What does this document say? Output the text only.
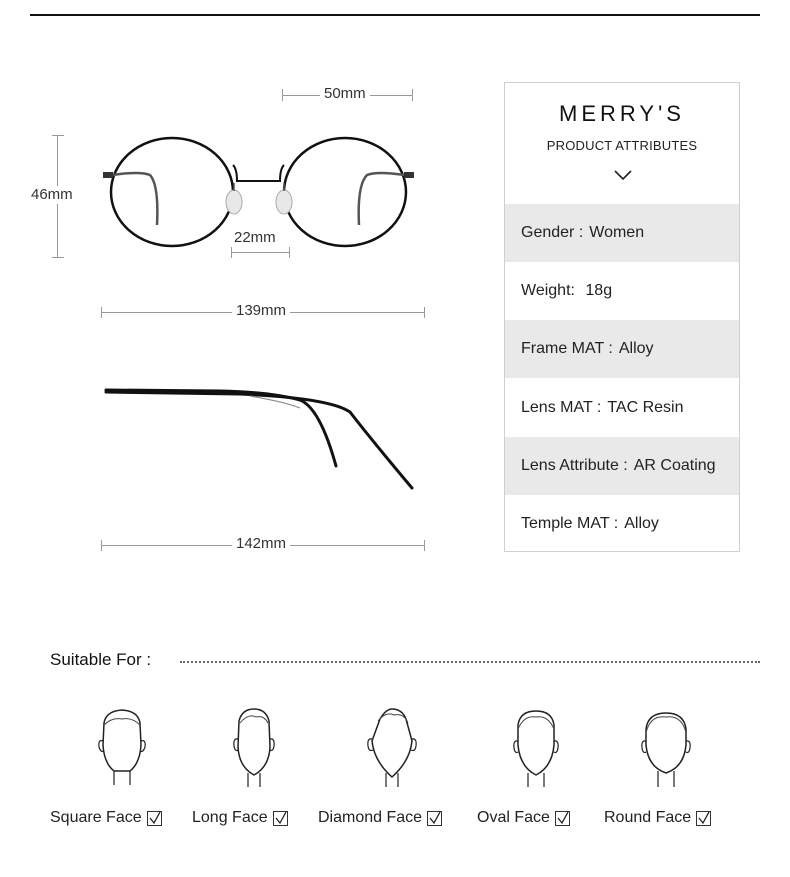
50mm
46mm
22mm
139mm
142mm
MERRY'S
PRODUCT ATTRIBUTES
Gender : Women
Weight: 18g
Frame MAT : Alloy
Lens MAT : TAC Resin
Lens Attribute : AR Coating
Temple MAT : Alloy
Suitable For :
Square Face	Long Face	Diamond Face	Oval Face	Round Face
